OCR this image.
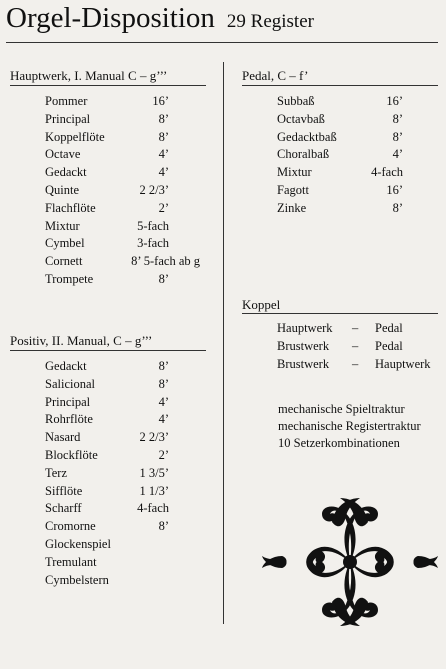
Orgel-Disposition 29 Register
Hauptwerk, I. Manual C – g’’’
Pommer	16’
Principal	8’
Koppelflöte	8’
Octave	4’
Gedackt	4’
Quinte	2 2/3’
Flachflöte	2’
Mixtur	5-fach
Cymbel	3-fach
Cornett	8’ 5-fach ab g
Trompete	8’
Positiv, II. Manual, C – g’’’
Gedackt	8’
Salicional	8’
Principal	4’
Rohrflöte	4’
Nasard	2 2/3’
Blockflöte	2’
Terz	1 3/5’
Sifflöte	1 1/3’
Scharff	4-fach
Cromorne	8’
Glockenspiel
Tremulant
Cymbelstern
Pedal, C – f’
Subbaß	16’
Octavbaß	8’
Gedacktbaß	8’
Choralbaß	4’
Mixtur	4-fach
Fagott	16’
Zinke	8’
Koppel
Hauptwerk – Pedal
Brustwerk – Pedal
Brustwerk – Hauptwerk
mechanische Spieltraktur
mechanische Registertraktur
10 Setzerkombinationen
